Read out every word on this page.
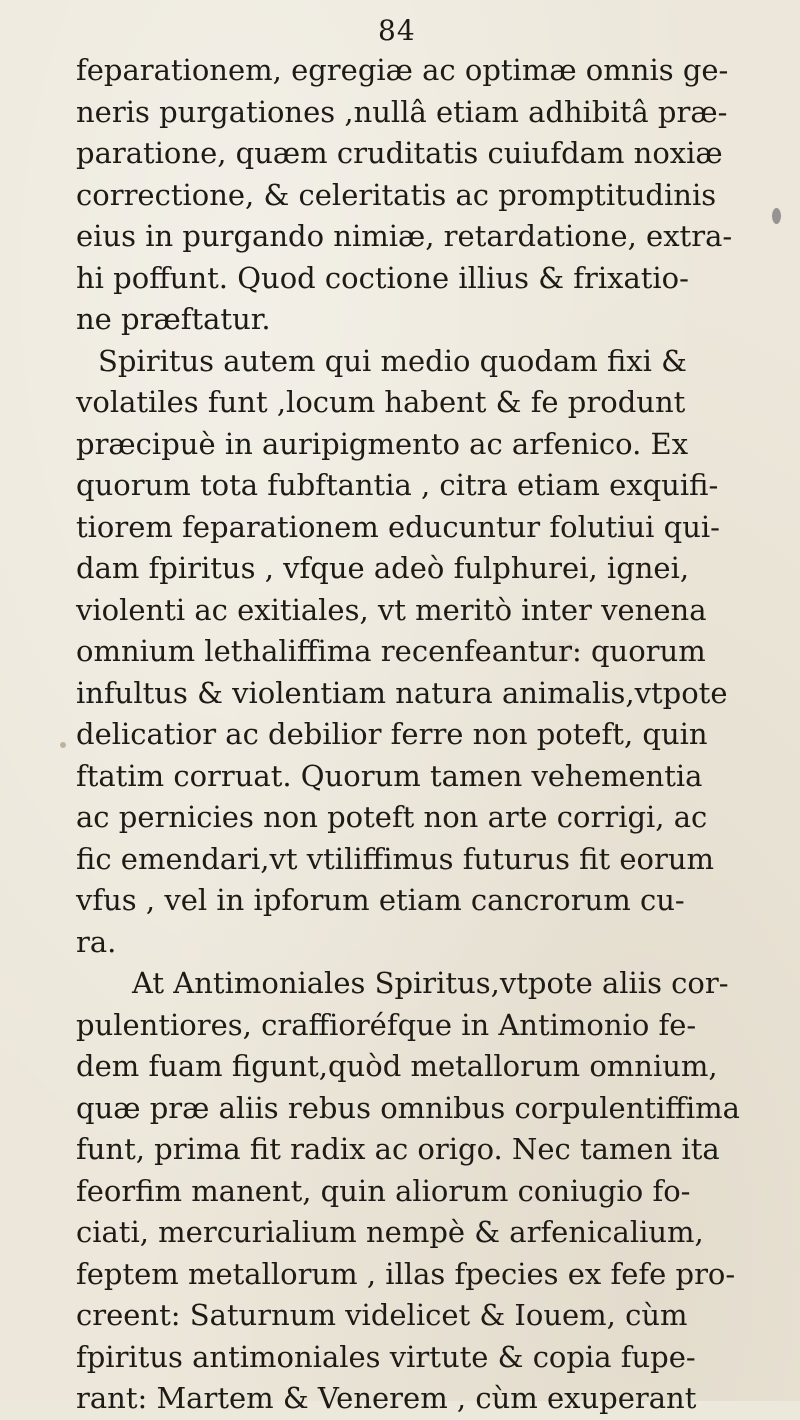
84
feparationem, egregiæ ac optimæ omnis ge-
neris purgationes ,nullâ etiam adhibitâ præ-
paratione, quæm cruditatis cuiufdam noxiæ
correctione, & celeritatis ac promptitudinis
eius in purgando nimiæ, retardatione, extra-
hi poffunt. Quod coctione illius & frixatio-
ne præftatur.
Spiritus autem qui medio quodam fixi &
volatiles funt ,locum habent & fe produnt
præcipuè in auripigmento ac arfenico. Ex
quorum tota fubftantia , citra etiam exquifi-
tiorem feparationem educuntur folutiui qui-
dam fpiritus , vfque adeò fulphurei, ignei,
violenti ac exitiales, vt meritò inter venena
omnium lethaliffima recenfeantur: quorum
infultus & violentiam natura animalis,vtpote
delicatior ac debilior ferre non poteft, quin
ftatim corruat. Quorum tamen vehementia
ac pernicies non poteft non arte corrigi, ac
fic emendari,vt vtiliffimus futurus fit eorum
vfus , vel in ipforum etiam cancrorum cu-
ra.
At Antimoniales Spiritus,vtpote aliis cor-
pulentiores, craffioréfque in Antimonio fe-
dem fuam figunt,quòd metallorum omnium,
quæ præ aliis rebus omnibus corpulentiffima
funt, prima fit radix ac origo. Nec tamen ita
feorfim manent, quin aliorum coniugio fo-
ciati, mercurialium nempè & arfenicalium,
feptem metallorum , illas fpecies ex fefe pro-
creent: Saturnum videlicet & Iouem, cùm
fpiritus antimoniales virtute & copia fupe-
rant: Martem & Venerem , cùm exuperant
